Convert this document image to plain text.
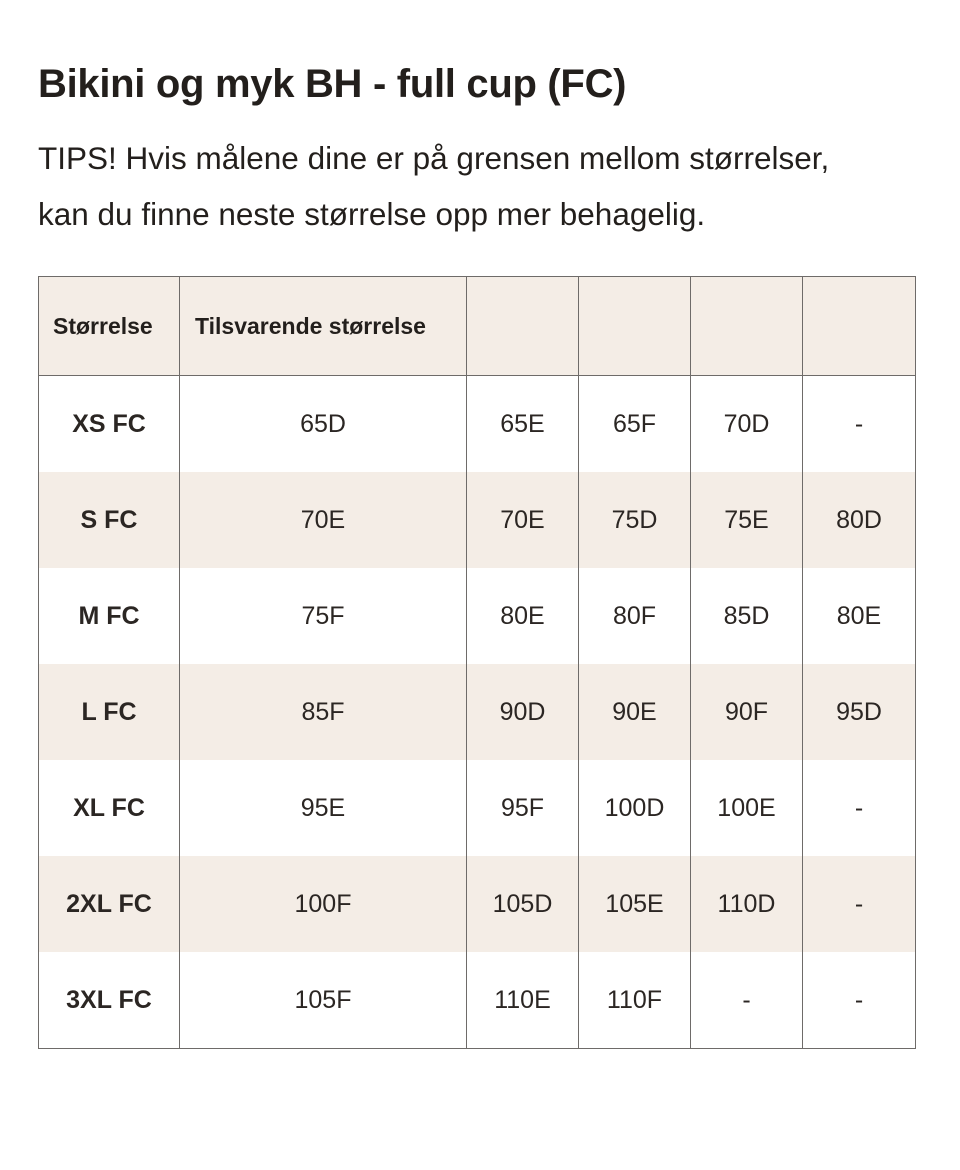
Bikini og myk BH - full cup (FC)

TIPS! Hvis målene dine er på grensen mellom størrelser,
kan du finne neste størrelse opp mer behagelig.

Størrelse	Tilsvarende størrelse				
XS FC	65D	65E	65F	70D	-
S FC	70E	70E	75D	75E	80D
M FC	75F	80E	80F	85D	80E
L FC	85F	90D	90E	90F	95D
XL FC	95E	95F	100D	100E	-
2XL FC	100F	105D	105E	110D	-
3XL FC	105F	110E	110F	-	-
